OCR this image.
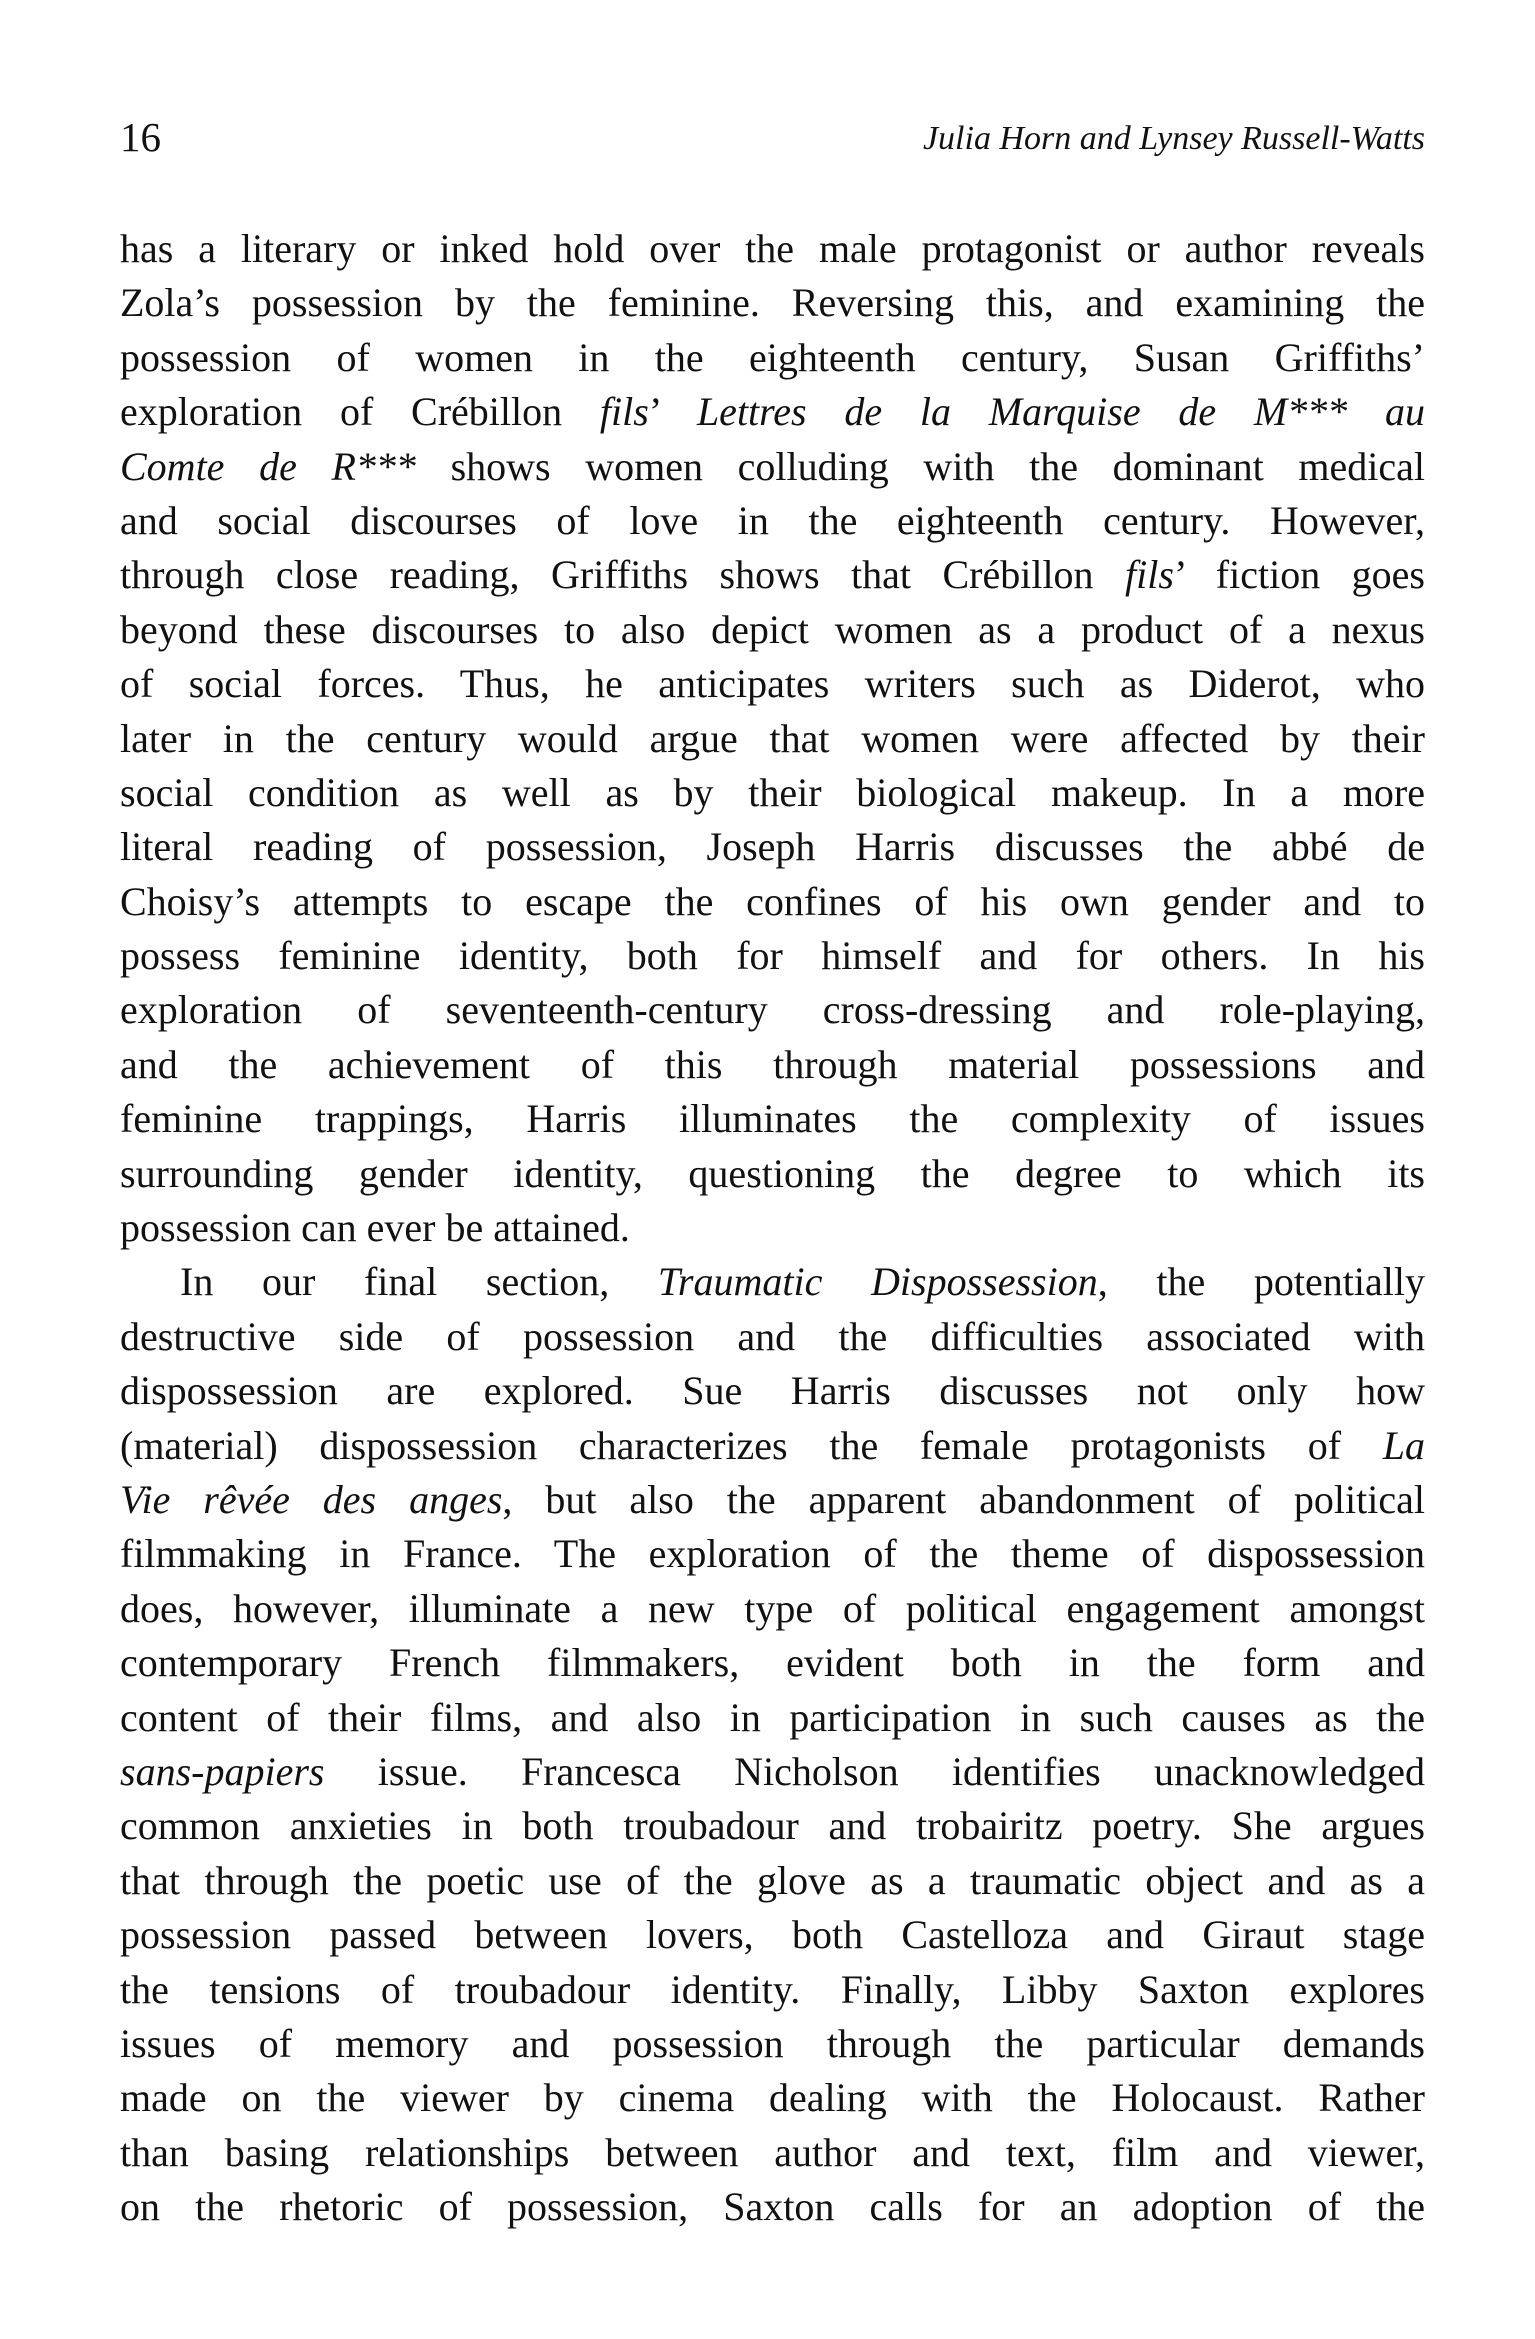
16	Julia Horn and Lynsey Russell-Watts
has a literary or inked hold over the male protagonist or author reveals
Zola’s possession by the feminine. Reversing this, and examining the
possession of women in the eighteenth century, Susan Griffiths’
exploration of Crébillon fils’ Lettres de la Marquise de M*** au
Comte de R*** shows women colluding with the dominant medical
and social discourses of love in the eighteenth century. However,
through close reading, Griffiths shows that Crébillon fils’ fiction goes
beyond these discourses to also depict women as a product of a nexus
of social forces. Thus, he anticipates writers such as Diderot, who
later in the century would argue that women were affected by their
social condition as well as by their biological makeup. In a more
literal reading of possession, Joseph Harris discusses the abbé de
Choisy’s attempts to escape the confines of his own gender and to
possess feminine identity, both for himself and for others. In his
exploration of seventeenth-century cross-dressing and role-playing,
and the achievement of this through material possessions and
feminine trappings, Harris illuminates the complexity of issues
surrounding gender identity, questioning the degree to which its
possession can ever be attained.
In our final section, Traumatic Dispossession, the potentially
destructive side of possession and the difficulties associated with
dispossession are explored. Sue Harris discusses not only how
(material) dispossession characterizes the female protagonists of La
Vie rêvée des anges, but also the apparent abandonment of political
filmmaking in France. The exploration of the theme of dispossession
does, however, illuminate a new type of political engagement amongst
contemporary French filmmakers, evident both in the form and
content of their films, and also in participation in such causes as the
sans-papiers issue. Francesca Nicholson identifies unacknowledged
common anxieties in both troubadour and trobairitz poetry. She argues
that through the poetic use of the glove as a traumatic object and as a
possession passed between lovers, both Castelloza and Giraut stage
the tensions of troubadour identity. Finally, Libby Saxton explores
issues of memory and possession through the particular demands
made on the viewer by cinema dealing with the Holocaust. Rather
than basing relationships between author and text, film and viewer,
on the rhetoric of possession, Saxton calls for an adoption of the
